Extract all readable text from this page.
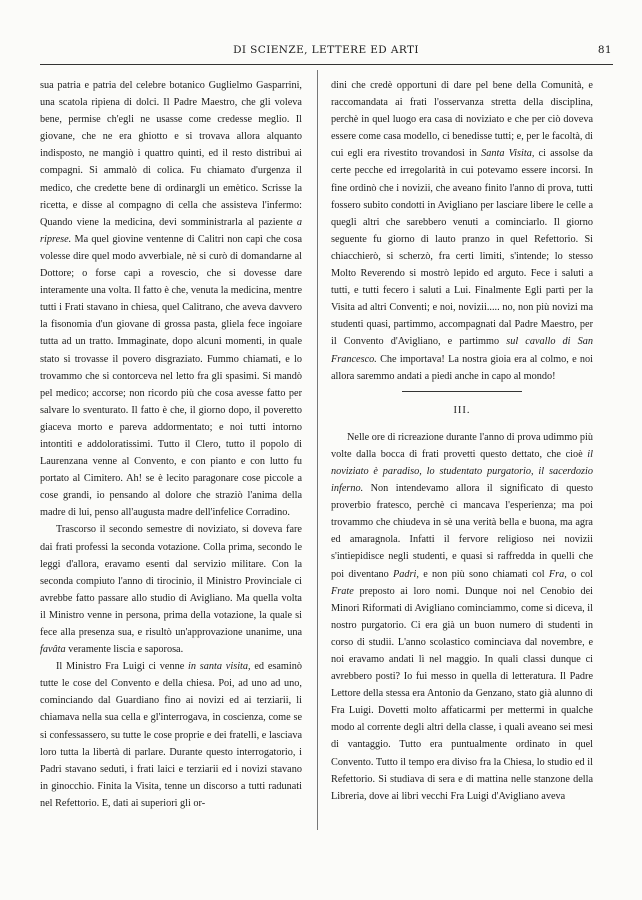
DI SCIENZE, LETTERE ED ARTI	81

sua patria e patria del celebre botanico Guglielmo Gasparrini, una scatola ripiena di dolci. Il Padre Maestro, che gli voleva bene, permise ch'egli ne usasse come credesse meglio. Il giovane, che ne era ghiotto e si trovava allora alquanto indisposto, ne mangiò i quattro quinti, ed il resto distribuì ai compagni. Si ammalò di colica. Fu chiamato d'urgenza il medico, che credette bene di ordinargli un emètico. Scrisse la ricetta, e disse al compagno di cella che assisteva l'infermo: Quando viene la medicina, devi somministrarla al paziente a riprese. Ma quel giovine ventenne di Calitri non capì che cosa volesse dire quel modo avverbiale, nè si curò di domandarne al Dottore; o forse capì a rovescio, che si dovesse dare interamente una volta. Il fatto è che, venuta la medicina, mentre tutti i Frati stavano in chiesa, quel Calitrano, che aveva davvero la fisonomia d'un giovane di grossa pasta, gliela fece ingoiare tutta ad un tratto. Immaginate, dopo alcuni momenti, in quale stato si trovasse il povero disgraziato. Fummo chiamati, e lo trovammo che si contorceva nel letto fra gli spasimi. Si mandò pel medico; accorse; non ricordo più che cosa avesse fatto per salvare lo sventurato. Il fatto è che, il giorno dopo, il poveretto giaceva morto e pareva addormentato; e noi tutti intorno intontiti e addoloratissimi. Tutto il Clero, tutto il popolo di Laurenzana venne al Convento, e con pianto e con lutto fu portato al Cimitero. Ah! se è lecito paragonare cose piccole a cose grandi, io pensando al dolore che straziò l'anima della madre di lui, penso all'augusta madre dell'infelice Corradino.

Trascorso il secondo semestre di noviziato, si doveva fare dai frati professi la seconda votazione. Colla prima, secondo le leggi d'allora, eravamo esenti dal servizio militare. Con la seconda compiuto l'anno di tirocinio, il Ministro Provinciale ci avrebbe fatto passare allo studio di Avigliano. Ma quella volta il Ministro venne in persona, prima della votazione, la quale si fece alla presenza sua, e risultò un'approvazione unanime, una favâta veramente liscia e saporosa.

Il Ministro Fra Luigi ci venne in santa visita, ed esaminò tutte le cose del Convento e della chiesa. Poi, ad uno ad uno, cominciando dal Guardiano fino ai novizi ed ai terziarii, li chiamava nella sua cella e gl'interrogava, in coscienza, come se si confessassero, su tutte le cose proprie e dei fratelli, e lasciava loro tutta la libertà di parlare. Durante questo interrogatorio, i Padri stavano seduti, i frati laici e terziarii ed i novizi stavano in ginocchio. Finita la Visita, tenne un discorso a tutti radunati nel Refettorio. E, dati ai superiori gli or-

dini che credè opportuni di dare pel bene della Comunità, e raccomandata ai frati l'osservanza stretta della disciplina, perchè in quel luogo era casa di noviziato e che per ciò doveva essere come casa modello, ci benedisse tutti; e, per le facoltà, di cui egli era rivestito trovandosi in Santa Visita, ci assolse da certe pecche ed irregolarità in cui potevamo essere incorsi. In fine ordinò che i novizii, che aveano finito l'anno di prova, tutti fossero subito condotti in Avigliano per lasciare libere le celle a quegli altri che sarebbero venuti a cominciarlo. Il giorno seguente fu giorno di lauto pranzo in quel Refettorio. Si chiacchierò, si scherzò, fra certi limiti, s'intende; lo stesso Molto Reverendo si mostrò lepido ed arguto. Fece i saluti a tutti, e tutti fecero i saluti a Lui. Finalmente Egli partì per la Visita ad altri Conventi; e noi, novizii..... no, non più novizi ma studenti quasi, partimmo, accompagnati dal Padre Maestro, per il Convento d'Avigliano, e partimmo sul cavallo di San Francesco. Che importava! La nostra gioia era al colmo, e noi allora saremmo andati a piedi anche in capo al mondo!

III.

Nelle ore di ricreazione durante l'anno di prova udimmo più volte dalla bocca di frati provetti questo dettato, che cioè il noviziato è paradiso, lo studentato purgatorio, il sacerdozio inferno. Non intendevamo allora il significato di questo proverbio fratesco, perchè ci mancava l'esperienza; ma poi trovammo che chiudeva in sè una verità bella e buona, ma agra ed amaragnola. Infatti il fervore religioso nei novizii s'intiepidisce negli studenti, e quasi si raffredda in quelli che poi diventano Padri, e non più sono chiamati col Fra, o col Frate preposto ai loro nomi. Dunque noi nel Cenobio dei Minori Riformati di Avigliano cominciammo, come si diceva, il nostro purgatorio. Ci era già un buon numero di studenti in corso di studii. L'anno scolastico cominciava dal novembre, e noi eravamo andati lì nel maggio. In quali classi dunque ci avrebbero posti? Io fui messo in quella di letteratura. Il Padre Lettore della stessa era Antonio da Genzano, stato già alunno di Fra Luigi. Dovetti molto affaticarmi per mettermi in qualche modo al corrente degli altri della classe, i quali aveano sei mesi di vantaggio. Tutto era puntualmente ordinato in quel Convento. Tutto il tempo era diviso fra la Chiesa, lo studio ed il Refettorio. Si studiava di sera e di mattina nelle stanzone della Libreria, dove ai libri vecchi Fra Luigi d'Avigliano aveva
